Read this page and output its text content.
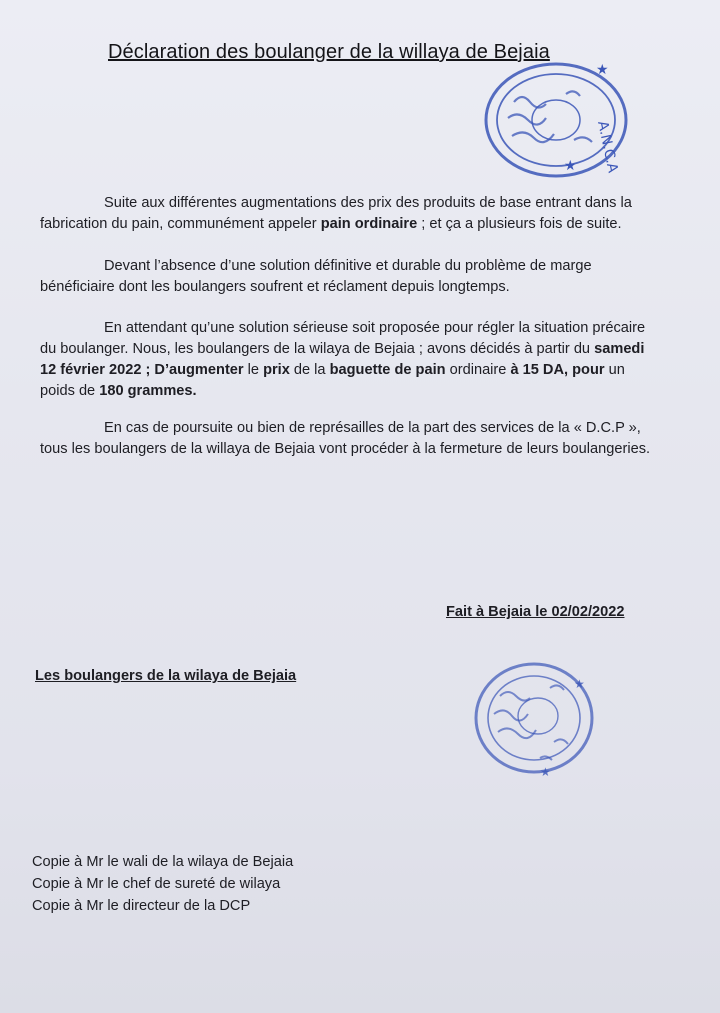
Déclaration des boulanger de la willaya de Bejaia
A.N.C.A
★
★
Suite aux différentes augmentations des prix des produits de base entrant dans la fabrication du pain, communément appeler pain ordinaire ; et ça a plusieurs fois de suite.
Devant l’absence d’une solution définitive et durable du problème de marge bénéficiaire dont les boulangers soufrent et réclament depuis longtemps.
En attendant qu’une solution sérieuse soit proposée pour régler la situation précaire du boulanger. Nous, les boulangers de la wilaya de Bejaia ; avons décidés à partir du samedi 12 février 2022 ; D’augmenter le prix de la baguette de pain ordinaire à 15 DA, pour un poids de 180 grammes.
En cas de poursuite ou bien de représailles de la part des services de la « D.C.P », tous les boulangers de la willaya de Bejaia vont procéder à la fermeture de leurs boulangeries.
Fait à Bejaia le 02/02/2022
Les boulangers de la wilaya de Bejaia	★
★
Copie à Mr le wali de la wilaya de Bejaia
Copie à Mr le chef de sureté de wilaya
Copie à Mr le directeur de la DCP
